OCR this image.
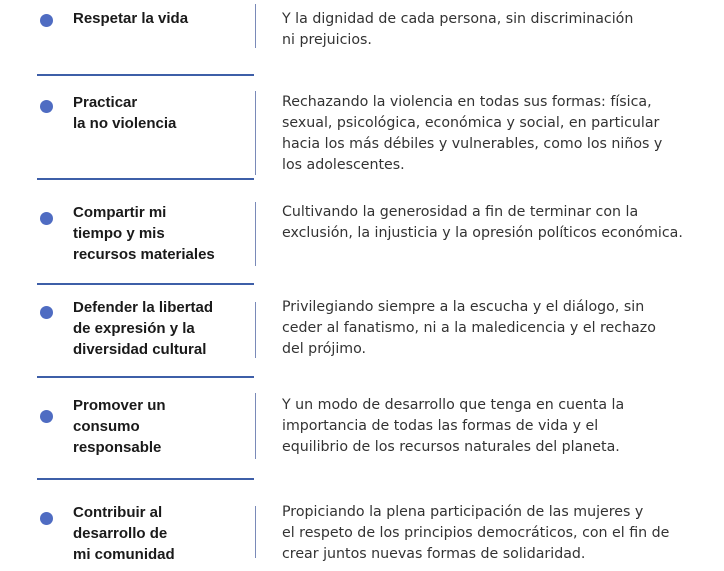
Respetar la vida	Y la dignidad de cada persona, sin discriminación
ni prejuicios.
Practicar
la no violencia
Rechazando la violencia en todas sus formas: física,
sexual, psicológica, económica y social, en particular
hacia los más débiles y vulnerables, como los niños y
los adolescentes.
Compartir mi
tiempo y mis
recursos materiales
Cultivando la generosidad a fin de terminar con la
exclusión, la injusticia y la opresión políticos económica.
Defender la libertad
de expresión y la
diversidad cultural
Privilegiando siempre a la escucha y el diálogo, sin
ceder al fanatismo, ni a la maledicencia y el rechazo
del prójimo.
Promover un
consumo
responsable
Y un modo de desarrollo que tenga en cuenta la
importancia de todas las formas de vida y el
equilibrio de los recursos naturales del planeta.
Contribuir al
desarrollo de
mi comunidad
Propiciando la plena participación de las mujeres y
el respeto de los principios democráticos, con el fin de
crear juntos nuevas formas de solidaridad.
